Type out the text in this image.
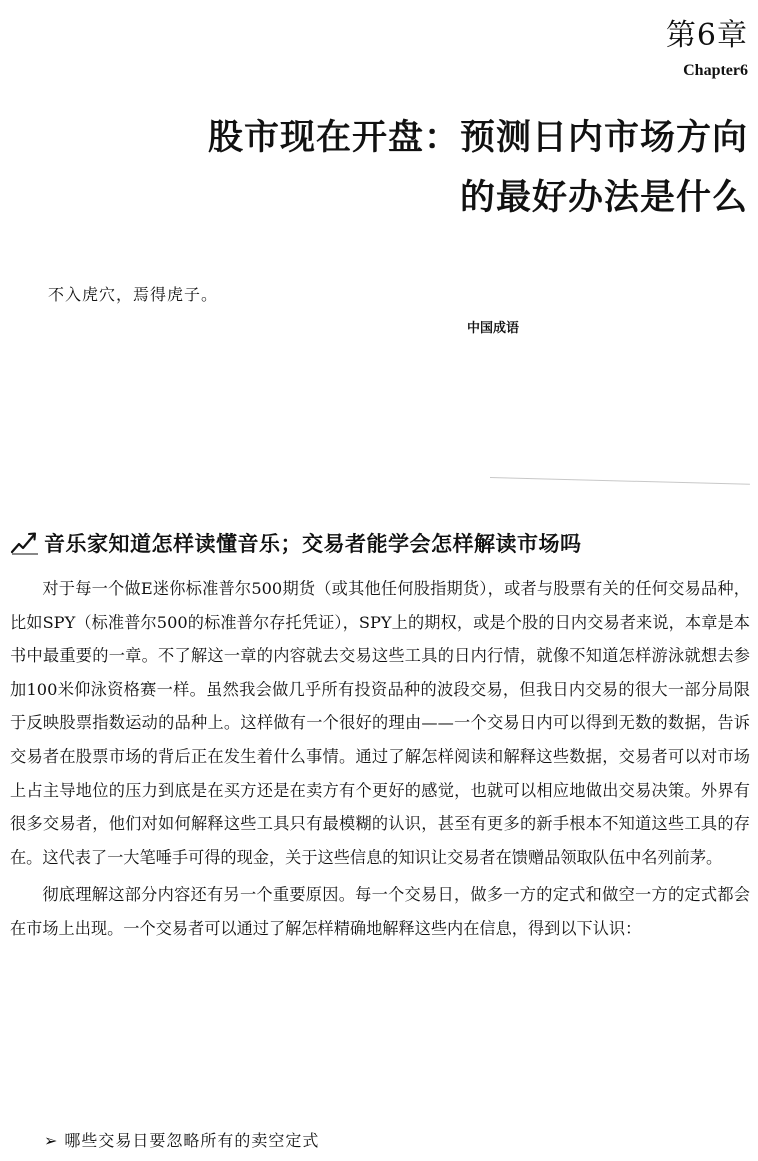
第6章
Chapter6
股市现在开盘：预测日内市场方向
的最好办法是什么
不入虎穴，焉得虎子。
中国成语
音乐家知道怎样读懂音乐；交易者能学会怎样解读市场吗

对于每一个做E迷你标准普尔500期货（或其他任何股指期货），或者与股票有关的任何交易品种，比如SPY（标准普尔500的标准普尔存托凭证），SPY上的期权，或是个股的日内交易者来说，本章是本书中最重要的一章。不了解这一章的内容就去交易这些工具的日内行情，就像不知道怎样游泳就想去参加100米仰泳资格赛一样。虽然我会做几乎所有投资品种的波段交易，但我日内交易的很大一部分局限于反映股票指数运动的品种上。这样做有一个很好的理由——一个交易日内可以得到无数的数据，告诉交易者在股票市场的背后正在发生着什么事情。通过了解怎样阅读和解释这些数据，交易者可以对市场上占主导地位的压力到底是在买方还是在卖方有个更好的感觉，也就可以相应地做出交易决策。外界有很多交易者，他们对如何解释这些工具只有最模糊的认识，甚至有更多的新手根本不知道这些工具的存在。这代表了一大笔唾手可得的现金，关于这些信息的知识让交易者在馈赠品领取队伍中名列前茅。

彻底理解这部分内容还有另一个重要原因。每一个交易日，做多一方的定式和做空一方的定式都会在市场上出现。一个交易者可以通过了解怎样精确地解释这些内在信息，得到以下认识：

➢ 哪些交易日要忽略所有的卖空定式
